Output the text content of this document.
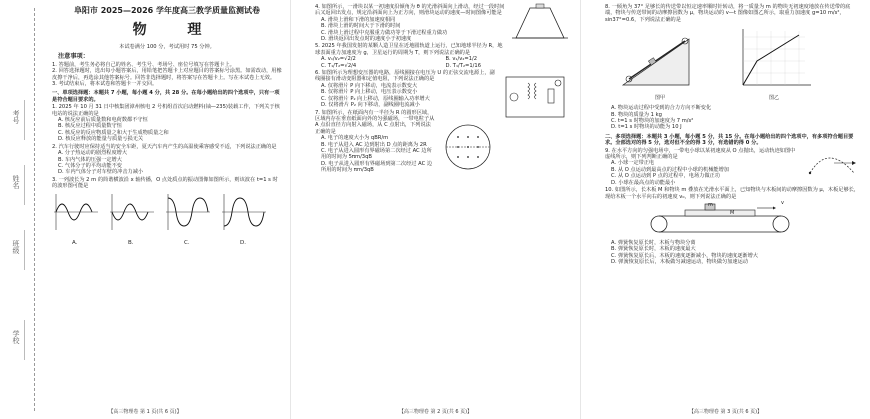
考号
姓名
班级
学校
阜阳市 2025—2026 学年度高三教学质量监测试卷
物 理
本试卷满分 100 分，考试用时 75 分钟。
注意事项：

1. 答题前，考生务必将自己的姓名、考生号、考场号、座位号填写在答题卡上。

2. 回答选择题时，选出每小题答案后，用铅笔把答题卡上对应题目的答案标号涂黑。如需改动，用橡皮擦干净后，再选涂其他答案标号。回答非选择题时，将答案写在答题卡上。写在本试卷上无效。

3. 考试结束后，将本试卷和答题卡一并交回。

一、单项选择题：本题共 7 小题，每小题 4 分，共 28 分。在每小题给出的四个选项中，只有一项是符合题目要求的。

1. 2025 年 10 月 31 日中核集团漳州核电 2 号机组首次启动燃料(铀—235)装载工作，下列关于核电站的说法正确的是

A. 核反应前后质量数和电荷数都不守恒

B. 核反应过程中质量数守恒

C. 核反应的反应物质量之和大于生成物质量之和

D. 核反应释放的能量与质量亏损无关

2. 汽车行驶时应保持适当的安全车距，夏天汽车内产生的高温使乘客感受不适，下列说法正确的是

A. 分子热运动的剧烈程度增大

B. 车内气体的压强一定增大

C. 气体分子的平均动能不变

D. 车内气体分子对车壁的冲击力减小

3. 一列波长为 2 m 的简谐横波沿 x 轴传播，O 点处质点的振动图像如图所示，则该波在 t=1 s 时的波形图可能是

A.	B.	C.	D.
【高三物理卷 第 1 页(共 6 页)】

4. 如图所示，一滑块以某一初速度沿倾角为 θ 的光滑斜面向上滑动，经过一段时间后又返回出发点，规定沿斜面向上为正方向，则滑块运动的速度—时间图像可能是

A. 滑块上滑和下滑的加速度相同

B. 滑块上滑的时间大于下滑的时间

C. 滑块上滑过程中克服重力做功等于下滑过程重力做功

D. 滑块返回出发点时的速度小于初速度

5. 2025 年我国发射的某颗人造卫星在近地圆轨道上运行，已知地球半径为 R，地球表面重力加速度为 g，卫星运行的周期为 T，则下列说法正确的是

A. v₁/v₂=√2/2	B. v₁/v₂=1/2
C. T₁/T₂=√2/4	D. T₁/T₂=1/16

6. 如图所示为理想变压器的电路，原线圈接在电压为 U 的正弦交流电源上，副线圈接有滑动变阻器和定值电阻，下列说法正确的是

A. 仅将滑片 P 向下移动，电流表示数变大

B. 仅将滑片 P 向上移动，电压表示数变小

C. 仅将滑片 P₂ 向上移动，原线圈输入功率增大

D. 仅将滑片 P₂ 向下移动，副线圈电流减小

7. 如图所示，在纸面内有一半径为 R 的圆形区域，区域内存在垂直纸面向外的匀强磁场，一带电粒子从 A 点沿直径方向射入磁场，从 C 点射出，下列说法正确的是

A. 电子的速度大小为 qBR/m

B. 电子从进入 AC 边到射出 D 点的距离为 2R

C. 电子从进入圆形有界磁场第二次经过 AC 边所用的时间为 5πm/3qB

D. 电子从进入圆形有界磁场到第二次经过 AC 边所用的时间为 πm/3qB

【高三物理卷 第 2 页(共 6 页)】

8. 一倾角为 37° 足够长的传送带以恒定速率顺时针转动，将一质量为 m 的物块无初速度地放在传送带的底端，物块与传送带间的动摩擦因数为 μ，物块运动的 v—t 图像如图乙所示，取重力加速度 g=10 m/s²，sin37°=0.6，下列说法正确的是

图甲	图乙

A. 物块运动过程中受到的合力方向不断变化

B. 物块的质量为 1 kg

C. t=1 s 时物块的加速度为 7 m/s²

D. t=1 s 时物块的动能为 10 J

二、多项选择题：本题共 3 小题，每小题 5 分，共 15 分。在每小题给出的四个选项中，有多项符合题目要求。全部选对的得 5 分，选对但不全的得 3 分，有选错的得 0 分。

9. 在水平方向的匀强电场中，一带电小球以某初速度从 O 点抛出，运动轨迹如图中虚线所示，则下列判断正确的是

A. 小球一定带正电

B. 从 O 点运动到最高点的过程中小球的机械能增加

C. 从 O 点运动到 P 点的过程中，电场力做正功

D. 小球在最高点的动能最小

10. 如图所示，长木板 M 和物块 m 叠放在光滑水平面上，已知物块与木板间的动摩擦因数为 μ，木板足够长，现给木板一个水平向右的初速度 v₀，则下列说法正确的是

m
M
v

A. 弹簧恢复原长时，木板与物块分离

B. 弹簧恢复原长时，木板的速度最大

C. 弹簧恢复原长后，木板的速度逐渐减小，物块的速度逐渐增大

D. 弹簧恢复原长后，木板做匀减速运动，物块做匀加速运动

【高三物理卷 第 3 页(共 6 页)】
